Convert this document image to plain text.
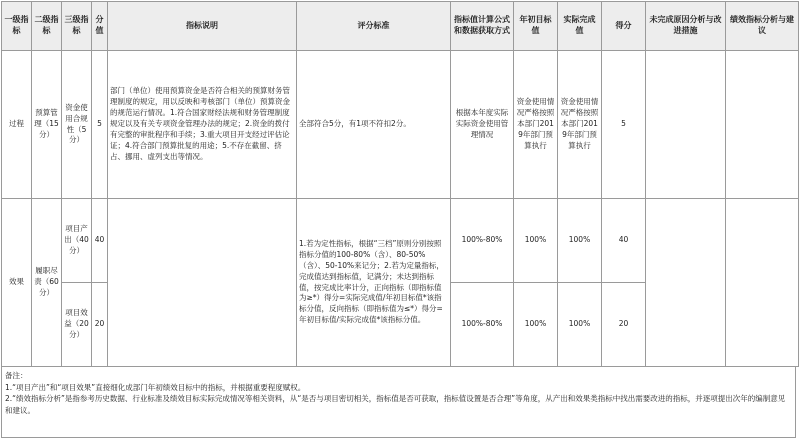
一级指标	二级指标	三级指标	分值	指标说明	评分标准	指标值计算公式和数据获取方式	年初目标值	实际完成值	得分	未完成原因分析与改进措施	绩效指标分析与建议
过程	预算管理（15分）	资金使用合规性（5分）	5	部门（单位）使用预算资金是否符合相关的预算财务管理制度的规定，用以反映和考核部门（单位）预算资金的规范运行情况。1.符合国家财经法规和财务管理制度规定以及有关专项资金管理办法的规定；2.资金的拨付有完整的审批程序和手续；3.重大项目开支经过评估论证；4.符合部门预算批复的用途；5.不存在截留、挤占、挪用、虚列支出等情况。	全部符合5分，有1项不符扣2分。	根据本年度实际实际资金使用管理情况	资金使用情况严格按照本部门2019年部门预算执行	资金使用情况严格按照本部门2019年部门预算执行	5		
效果	履职尽责（60分）	项目产出（40分）	40		1.若为定性指标，根据“三档”原则分别按照指标分值的100-80%（含）、80-50%（含）、50-10%来记分；2.若为定量指标，完成值达到指标值，记满分；未达到指标值，按完成比率计分，正向指标（即指标值为≥*）得分=实际完成值/年初目标值*该指标分值，反向指标（即指标值为≤*）得分=年初目标值/实际完成值*该指标分值。	100%-80%	100%	100%	40		
		项目效益（20分）	20			100%-80%	100%	100%	20		
备注：
1.“项目产出”和“项目效果”直接细化成部门年初绩效目标中的指标，并根据重要程度赋权。
2.“绩效指标分析”是指参考历史数据、行业标准及绩效目标实际完成情况等相关资料，从“是否与项目密切相关，指标值是否可获取，指标值设置是否合理”等角度，从产出和效果类指标中找出需要改进的指标，并逐项提出次年的编制意见和建议。
